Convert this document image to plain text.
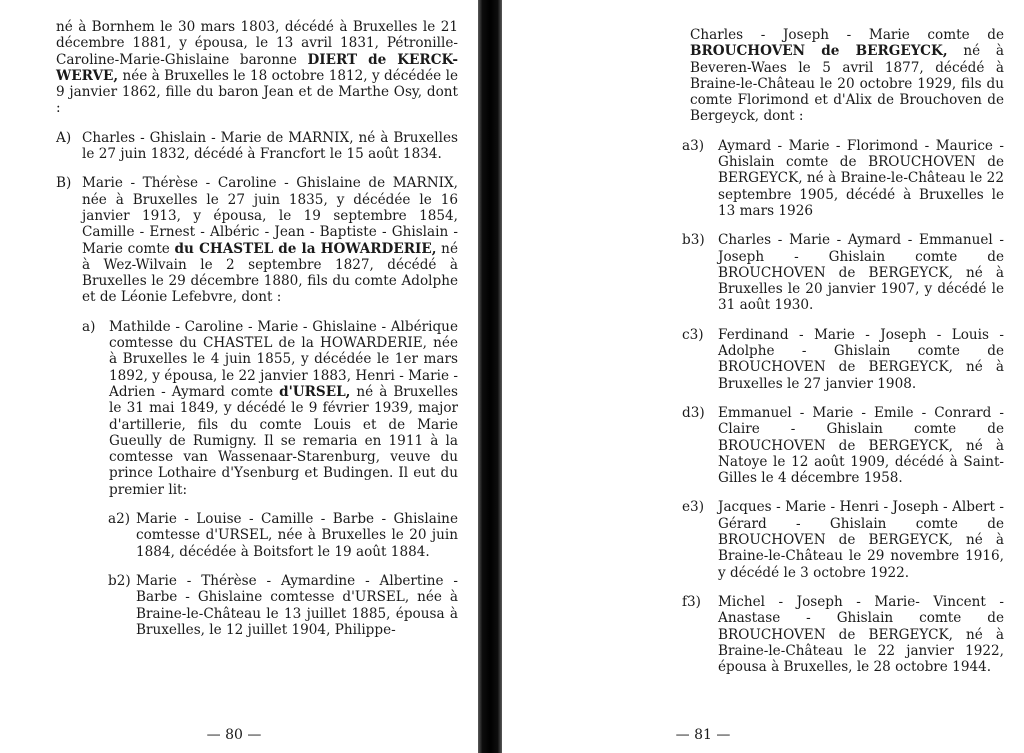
né à Bornhem le 30 mars 1803, décédé à Bruxelles le 21 décembre 1881, y épousa, le 13 avril 1831, Pétronille-Caroline-Marie-Ghislaine baronne DIERT de KERCK-WERVE, née à Bruxelles le 18 octobre 1812, y décédée le 9 janvier 1862, fille du baron Jean et de Marthe Osy, dont :

A) Charles - Ghislain - Marie de MARNIX, né à Bruxelles le 27 juin 1832, décédé à Francfort le 15 août 1834.
B) Marie - Thérèse - Caroline - Ghislaine de MARNIX, née à Bruxelles le 27 juin 1835, y décédée le 16 janvier 1913, y épousa, le 19 septembre 1854, Camille - Ernest - Albéric - Jean - Baptiste - Ghislain - Marie comte du CHASTEL de la HOWARDERIE, né à Wez-Wilvain le 2 septembre 1827, décédé à Bruxelles le 29 décembre 1880, fils du comte Adolphe et de Léonie Lefebvre, dont :
a) Mathilde - Caroline - Marie - Ghislaine - Albérique comtesse du CHASTEL de la HOWARDERIE, née à Bruxelles le 4 juin 1855, y décédée le 1er mars 1892, y épousa, le 22 janvier 1883, Henri - Marie - Adrien - Aymard comte d'URSEL, né à Bruxelles le 31 mai 1849, y décédé le 9 février 1939, major d'artillerie, fils du comte Louis et de Marie Gueully de Rumigny. Il se remaria en 1911 à la comtesse van Wassenaar-Starenburg, veuve du prince Lothaire d'Ysenburg et Budingen. Il eut du premier lit:
a2) Marie - Louise - Camille - Barbe - Ghislaine comtesse d'URSEL, née à Bruxelles le 20 juin 1884, décédée à Boitsfort le 19 août 1884.
b2) Marie - Thérèse - Aymardine - Albertine - Barbe - Ghislaine comtesse d'URSEL, née à Braine-le-Château le 13 juillet 1885, épousa à Bruxelles, le 12 juillet 1904, Philippe-
— 80 —

Charles - Joseph - Marie comte de BROUCHOVEN de BERGEYCK, né à Beveren-Waes le 5 avril 1877, décédé à Braine-le-Château le 20 octobre 1929, fils du comte Florimond et d'Alix de Brouchoven de Bergeyck, dont :

a3) Aymard - Marie - Florimond - Maurice - Ghislain comte de BROUCHOVEN de BERGEYCK, né à Braine-le-Château le 22 septembre 1905, décédé à Bruxelles le 13 mars 1926
b3) Charles - Marie - Aymard - Emmanuel - Joseph - Ghislain comte de BROUCHOVEN de BERGEYCK, né à Bruxelles le 20 janvier 1907, y décédé le 31 août 1930.
c3) Ferdinand - Marie - Joseph - Louis - Adolphe - Ghislain comte de BROUCHOVEN de BERGEYCK, né à Bruxelles le 27 janvier 1908.
d3) Emmanuel - Marie - Emile - Conrard - Claire - Ghislain comte de BROUCHOVEN de BERGEYCK, né à Natoye le 12 août 1909, décédé à Saint-Gilles le 4 décembre 1958.
e3) Jacques - Marie - Henri - Joseph - Albert - Gérard - Ghislain comte de BROUCHOVEN de BERGEYCK, né à Braine-le-Château le 29 novembre 1916, y décédé le 3 octobre 1922.
f3) Michel - Joseph - Marie- Vincent - Anastase - Ghislain comte de BROUCHOVEN de BERGEYCK, né à Braine-le-Château le 22 janvier 1922, épousa à Bruxelles, le 28 octobre 1944.
— 81 —
